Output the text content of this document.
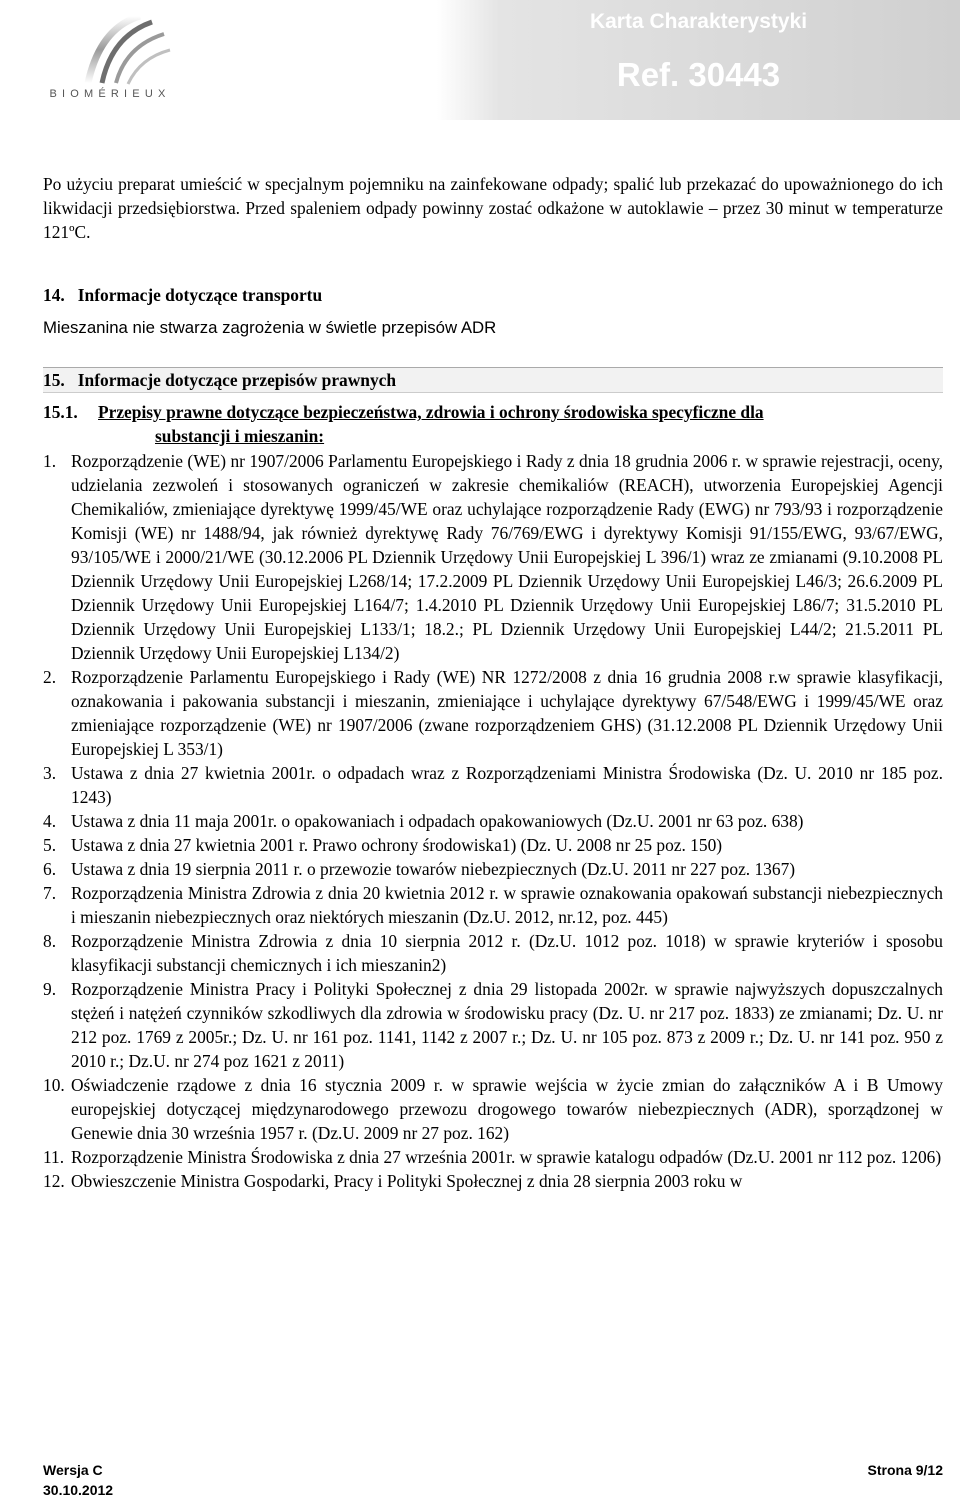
BIOMÉRIEUX
Karta Charakterystyki
Ref. 30443

Po użyciu preparat umieścić w specjalnym pojemniku na zainfekowane odpady; spalić lub przekazać do upoważnionego do ich likwidacji przedsiębiorstwa. Przed spaleniem odpady powinny zostać odkażone w autoklawie – przez 30 minut w temperaturze 121ºC.

14.   Informacje dotyczące transportu

Mieszanina nie stwarza zagrożenia w świetle przepisów ADR

15.   Informacje dotyczące przepisów prawnych

15.1. Przepisy prawne dotyczące bezpieczeństwa, zdrowia i ochrony środowiska specyficzne dla
substancji i mieszanin:
1. Rozporządzenie (WE) nr 1907/2006 Parlamentu Europejskiego i Rady z dnia 18 grudnia 2006 r. w sprawie rejestracji, oceny, udzielania zezwoleń i stosowanych ograniczeń w zakresie chemikaliów (REACH), utworzenia Europejskiej Agencji Chemikaliów, zmieniające dyrektywę 1999/45/WE oraz uchylające rozporządzenie Rady (EWG) nr 793/93 i rozporządzenie Komisji (WE) nr 1488/94, jak również dyrektywę Rady 76/769/EWG i dyrektywy Komisji 91/155/EWG, 93/67/EWG, 93/105/WE i 2000/21/WE (30.12.2006 PL Dziennik Urzędowy Unii Europejskiej L 396/1) wraz ze zmianami (9.10.2008 PL Dziennik Urzędowy Unii Europejskiej L268/14; 17.2.2009 PL Dziennik Urzędowy Unii Europejskiej L46/3; 26.6.2009 PL Dziennik Urzędowy Unii Europejskiej L164/7; 1.4.2010 PL Dziennik Urzędowy Unii Europejskiej L86/7; 31.5.2010 PL Dziennik Urzędowy Unii Europejskiej L133/1; 18.2.; PL Dziennik Urzędowy Unii Europejskiej L44/2; 21.5.2011 PL Dziennik Urzędowy Unii Europejskiej L134/2)
2. Rozporządzenie Parlamentu Europejskiego i Rady (WE) NR 1272/2008 z dnia 16 grudnia 2008 r.w sprawie klasyfikacji, oznakowania i pakowania substancji i mieszanin, zmieniające i uchylające dyrektywy 67/548/EWG i 1999/45/WE oraz zmieniające rozporządzenie (WE) nr 1907/2006 (zwane rozporządzeniem GHS) (31.12.2008 PL Dziennik Urzędowy Unii Europejskiej L 353/1)
3. Ustawa z dnia 27 kwietnia 2001r. o odpadach wraz z Rozporządzeniami Ministra Środowiska (Dz. U. 2010 nr 185 poz. 1243)
4. Ustawa z dnia 11 maja 2001r. o opakowaniach i odpadach opakowaniowych (Dz.U. 2001 nr 63 poz. 638)
5. Ustawa z dnia 27 kwietnia 2001 r. Prawo ochrony środowiska1) (Dz. U. 2008 nr 25 poz. 150)
6. Ustawa z dnia 19 sierpnia 2011 r. o przewozie towarów niebezpiecznych (Dz.U. 2011 nr 227 poz. 1367)
7. Rozporządzenia Ministra Zdrowia z dnia 20 kwietnia 2012 r. w sprawie oznakowania opakowań substancji niebezpiecznych i mieszanin niebezpiecznych oraz niektórych mieszanin (Dz.U. 2012, nr.12, poz. 445)
8. Rozporządzenie Ministra Zdrowia z dnia 10 sierpnia 2012 r. (Dz.U. 1012 poz. 1018) w sprawie kryteriów i sposobu klasyfikacji substancji chemicznych i ich mieszanin2)
9. Rozporządzenie Ministra Pracy i Polityki Społecznej z dnia 29 listopada 2002r. w sprawie najwyższych dopuszczalnych stężeń i natężeń czynników szkodliwych dla zdrowia w środowisku pracy (Dz. U. nr 217 poz. 1833) ze zmianami; Dz. U. nr 212 poz. 1769 z 2005r.; Dz. U. nr 161 poz. 1141, 1142 z 2007 r.; Dz. U. nr 105 poz. 873 z 2009 r.; Dz. U. nr 141 poz. 950 z 2010 r.; Dz.U. nr 274 poz 1621 z 2011)
10. Oświadczenie rządowe z dnia 16 stycznia 2009 r. w sprawie wejścia w życie zmian do załączników A i B Umowy europejskiej dotyczącej międzynarodowego przewozu drogowego towarów niebezpiecznych (ADR), sporządzonej w Genewie dnia 30 września 1957 r. (Dz.U. 2009 nr 27 poz. 162)
11. Rozporządzenie Ministra Środowiska z dnia 27 września 2001r. w sprawie katalogu odpadów (Dz.U. 2001 nr 112 poz. 1206)
12. Obwieszczenie Ministra Gospodarki, Pracy i Polityki Społecznej z dnia 28 sierpnia 2003 roku w
Wersja C
30.10.2012
Strona 9/12
